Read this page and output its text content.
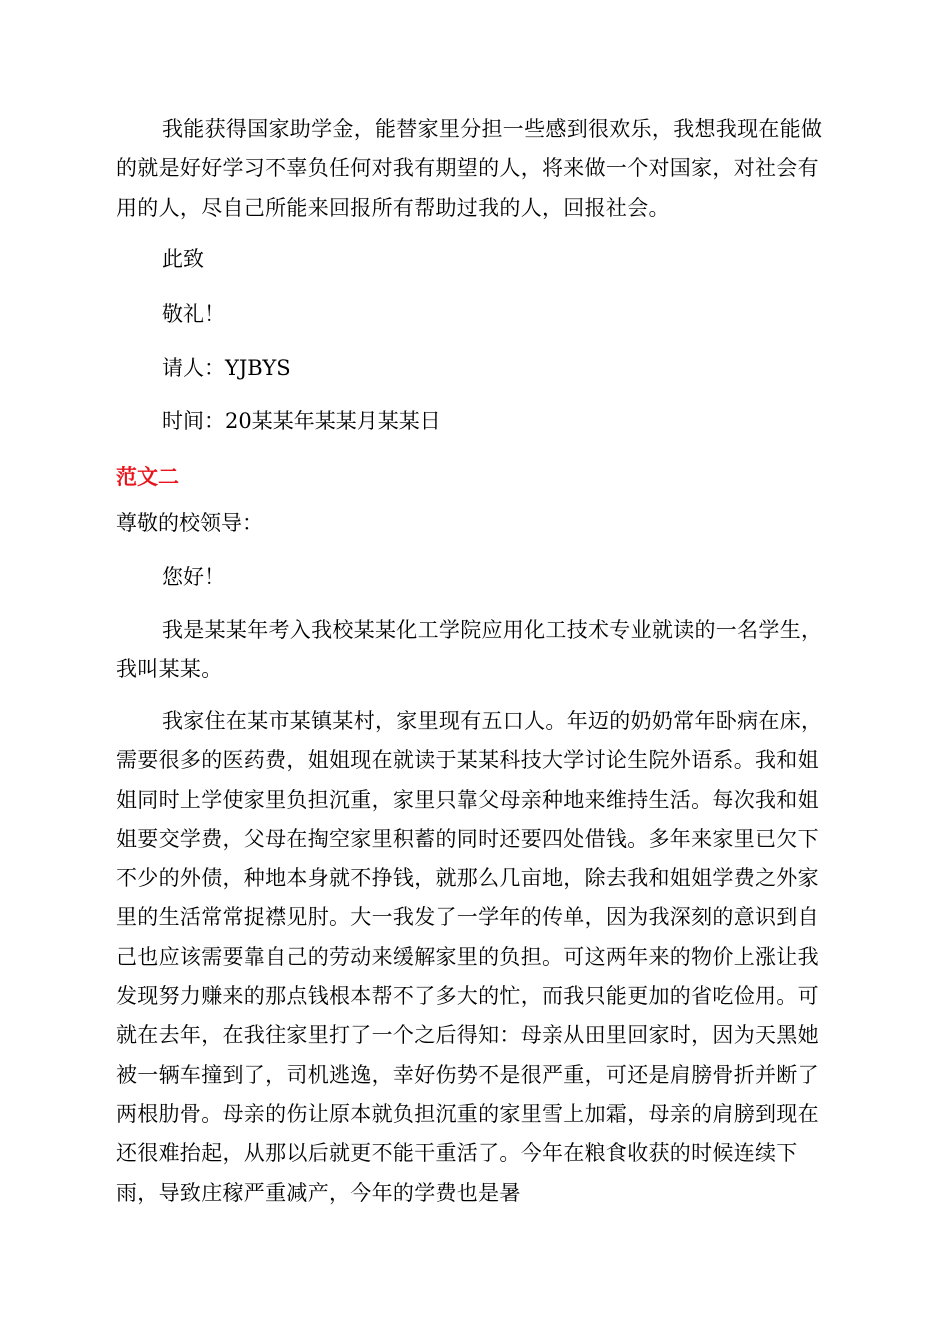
我能获得国家助学金，能替家里分担一些感到很欢乐，我想我现在能做的就是好好学习不辜负任何对我有期望的人，将来做一个对国家，对社会有用的人，尽自己所能来回报所有帮助过我的人，回报社会。

此致

敬礼！

请人：YJBYS

时间：20某某年某某月某某日

范文二

尊敬的校领导：

您好！

我是某某年考入我校某某化工学院应用化工技术专业就读的一名学生，我叫某某。

我家住在某市某镇某村，家里现有五口人。年迈的奶奶常年卧病在床，需要很多的医药费，姐姐现在就读于某某科技大学讨论生院外语系。我和姐姐同时上学使家里负担沉重，家里只靠父母亲种地来维持生活。每次我和姐姐要交学费，父母在掏空家里积蓄的同时还要四处借钱。多年来家里已欠下不少的外债，种地本身就不挣钱，就那么几亩地，除去我和姐姐学费之外家里的生活常常捉襟见肘。大一我发了一学年的传单，因为我深刻的意识到自己也应该需要靠自己的劳动来缓解家里的负担。可这两年来的物价上涨让我发现努力赚来的那点钱根本帮不了多大的忙，而我只能更加的省吃俭用。可就在去年，在我往家里打了一个之后得知：母亲从田里回家时，因为天黑她被一辆车撞到了，司机逃逸，幸好伤势不是很严重，可还是肩膀骨折并断了两根肋骨。母亲的伤让原本就负担沉重的家里雪上加霜，母亲的肩膀到现在还很难抬起，从那以后就更不能干重活了。今年在粮食收获的时候连续下雨，导致庄稼严重减产，今年的学费也是暑
